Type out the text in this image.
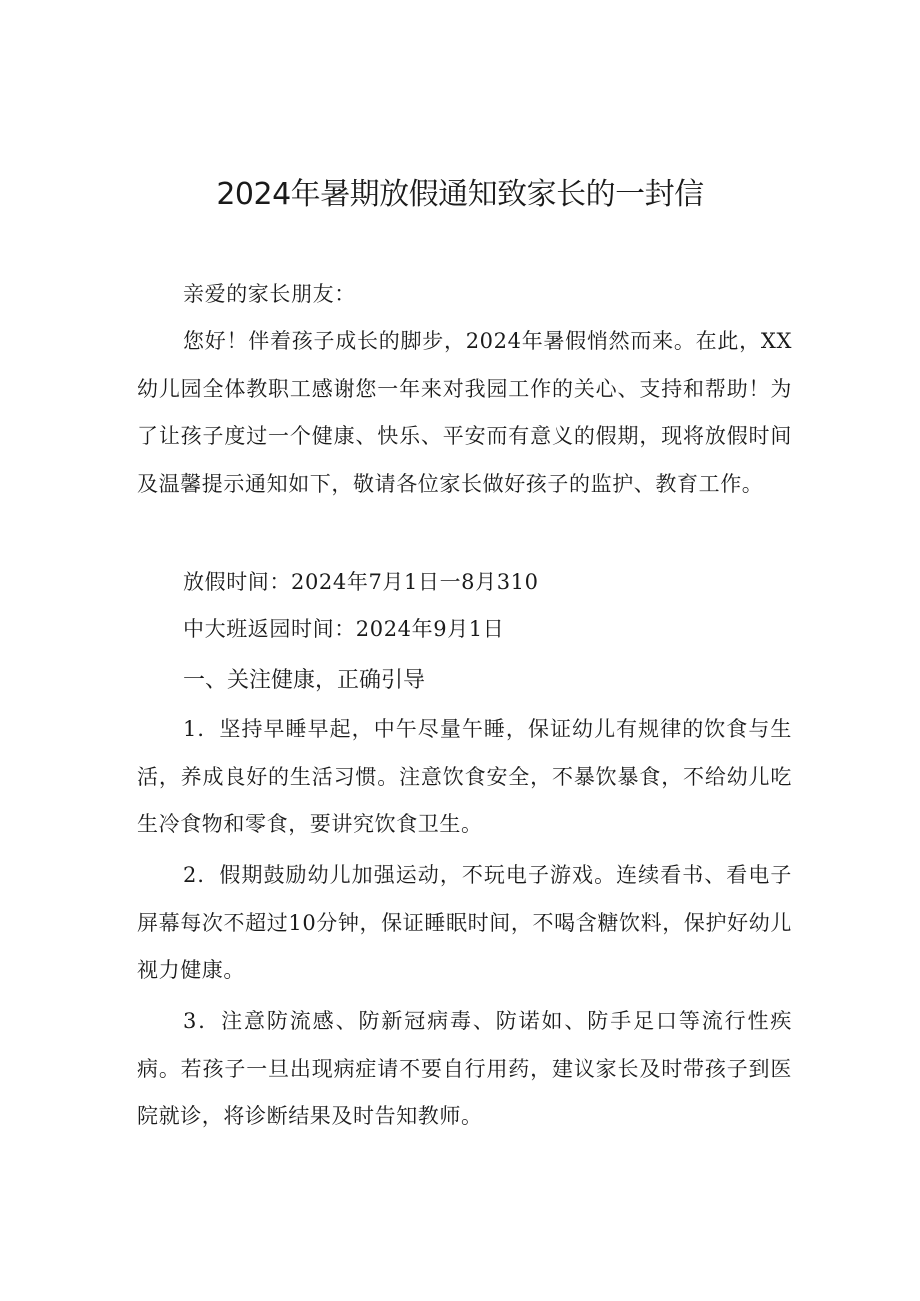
2024年暑期放假通知致家长的一封信

亲爱的家长朋友：

您好！伴着孩子成长的脚步，2024年暑假悄然而来。在此，XX幼儿园全体教职工感谢您一年来对我园工作的关心、支持和帮助！为了让孩子度过一个健康、快乐、平安而有意义的假期，现将放假时间及温馨提示通知如下，敬请各位家长做好孩子的监护、教育工作。

放假时间：2024年7月1日一8月310

中大班返园时间：2024年9月1日

一、关注健康，正确引导

1．坚持早睡早起，中午尽量午睡，保证幼儿有规律的饮食与生活，养成良好的生活习惯。注意饮食安全，不暴饮暴食，不给幼儿吃生冷食物和零食，要讲究饮食卫生。

2．假期鼓励幼儿加强运动，不玩电子游戏。连续看书、看电子屏幕每次不超过10分钟，保证睡眠时间，不喝含糖饮料，保护好幼儿视力健康。

3．注意防流感、防新冠病毒、防诺如、防手足口等流行性疾病。若孩子一旦出现病症请不要自行用药，建议家长及时带孩子到医院就诊，将诊断结果及时告知教师。
